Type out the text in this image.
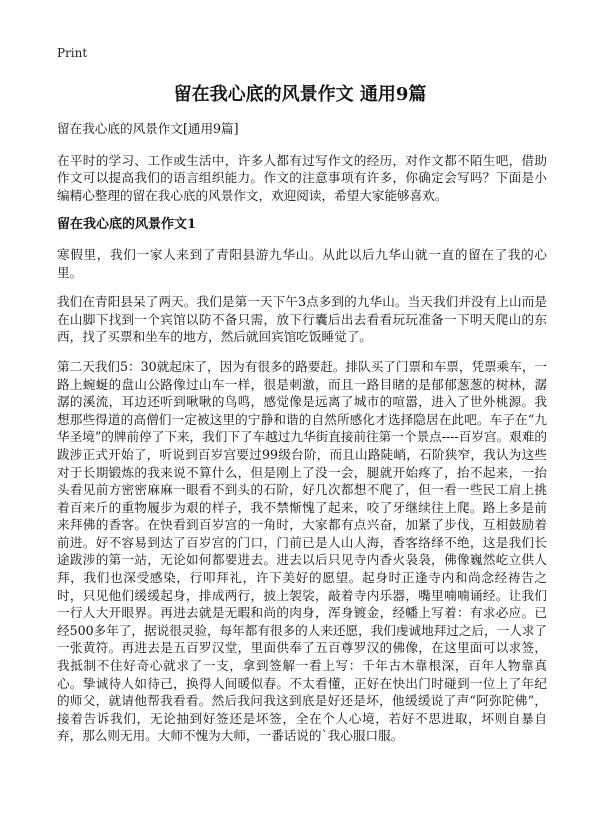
Print
留在我心底的风景作文 通用9篇

留在我心底的风景作文[通用9篇]

在平时的学习、工作或生活中，许多人都有过写作文的经历，对作文都不陌生吧，借助作文可以提高我们的语言组织能力。作文的注意事项有许多，你确定会写吗？下面是小编精心整理的留在我心底的风景作文，欢迎阅读，希望大家能够喜欢。

留在我心底的风景作文1

寒假里，我们一家人来到了青阳县游九华山。从此以后九华山就一直的留在了我的心里。

我们在青阳县呆了两天。我们是第一天下午3点多到的九华山。当天我们并没有上山而是在山脚下找到一个宾馆以防不备只需，放下行囊后出去看看玩玩准备一下明天爬山的东西，找了买票和坐车的地方，然后就回宾馆吃饭睡觉了。

第二天我们5：30就起床了，因为有很多的路要赶。排队买了门票和车票，凭票乘车，一路上蜿蜒的盘山公路像过山车一样，很是刺激，而且一路目睹的是郁郁葱葱的树林，潺潺的溪流，耳边还听到啾啾的鸟鸣，感觉像是远离了城市的喧嚣，进入了世外桃源。我想那些得道的高僧们一定被这里的宁静和谐的自然所感化才选择隐居在此吧。车子在“九华圣境”的牌前停了下来，我们下了车越过九华街直接前往第一个景点----百岁宫。艰难的跋涉正式开始了，听说到百岁宫要过99级台阶，而且山路陡峭，石阶狭窄，我认为这些对于长期锻炼的我来说不算什么，但是刚上了没一会，腿就开始疼了，抬不起来，一抬头看见前方密密麻麻一眼看不到头的石阶，好几次都想不爬了，但一看一些民工肩上挑着百来斤的重物履步为艰的样子，我不禁惭愧了起来，咬了牙继续往上爬。路上多是前来拜佛的香客。在快看到百岁宫的一角时，大家都有点兴奋，加紧了步伐，互相鼓励着前进。好不容易到达了百岁宫的门口，门前已是人山人海，香客络绎不绝，这是我们长途跋涉的第一站，无论如何都要进去。进去以后只见寺内香火袅袅，佛像巍然屹立供人拜，我们也深受感染，行叩拜礼，许下美好的愿望。起身时正逢寺内和尚念经祷告之时，只见他们缓缓起身，排成两行，披上袈裟，敲着寺内乐器，嘴里喃喃诵经。让我们一行人大开眼界。再进去就是无暇和尚的肉身，浑身镀金，经幡上写着：有求必应。已经500多年了，据说很灵验，每年都有很多的人来还愿，我们虔诚地拜过之后，一人求了一张黄符。再进去是五百罗汉堂，里面供奉了五百尊罗汉的佛像，在这里面可以求签，我抵制不住好奇心就求了一支，拿到签解一看上写：千年古木靠根深，百年人物靠真心。挚诚待人如待己，换得人间暖似春。不太看懂，正好在快出门时碰到一位上了年纪的师父，就请他帮我看看。然后我问我这到底是好还是坏，他缓缓说了声“阿弥陀佛”，接着告诉我们，无论抽到好签还是坏签，全在个人心境，若好不思进取，坏则自暴自弃，那么则无用。大师不愧为大师，一番话说的`我心服口服。
